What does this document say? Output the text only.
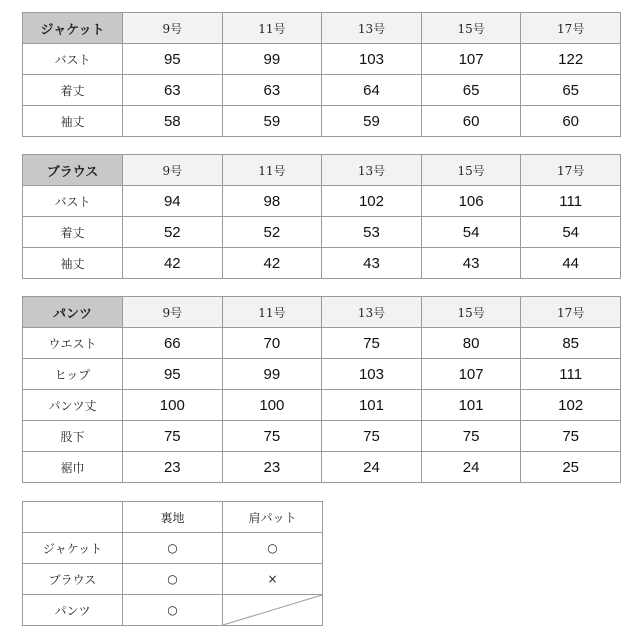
ジャケット	9号	11号	13号	15号	17号
バスト	95	99	103	107	122
着丈	63	63	64	65	65
袖丈	58	59	59	60	60
ブラウス	9号	11号	13号	15号	17号
バスト	94	98	102	106	111
着丈	52	52	53	54	54
袖丈	42	42	43	43	44
パンツ	9号	11号	13号	15号	17号
ウエスト	66	70	75	80	85
ヒップ	95	99	103	107	111
パンツ丈	100	100	101	101	102
股下	75	75	75	75	75
裾巾	23	23	24	24	25
	裏地	肩パット
ジャケット	○	○
ブラウス	○	×
パンツ	○	
